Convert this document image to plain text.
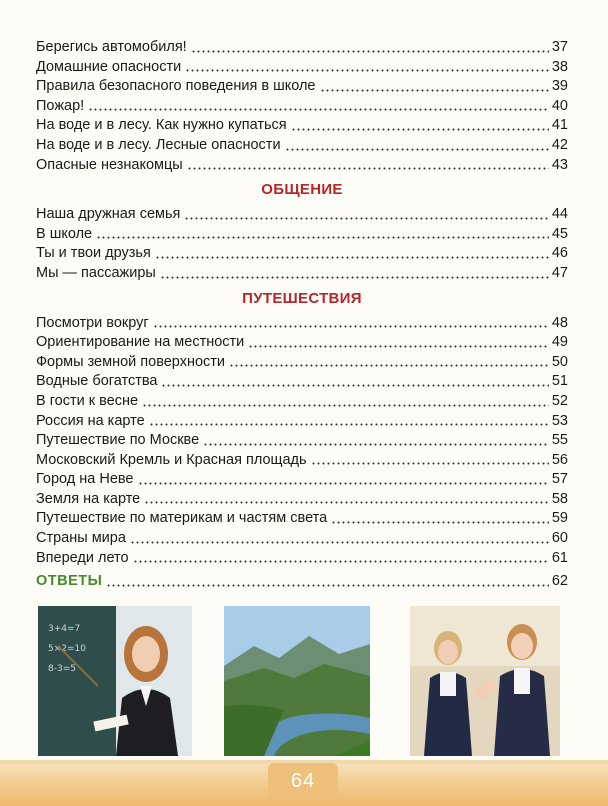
Берегись автомобиля!	37
Домашние опасности	38
Правила безопасного поведения в школе	39
Пожар!	40
На воде и в лесу. Как нужно купаться	41
На воде и в лесу. Лесные опасности	42
Опасные незнакомцы	43
ОБЩЕНИЕ
Наша дружная семья	44
В школе	45
Ты и твои друзья	46
Мы — пассажиры	47
ПУТЕШЕСТВИЯ
Посмотри вокруг	48
Ориентирование на местности	49
Формы земной поверхности	50
Водные богатства	51
В гости к весне	52
Россия на карте	53
Путешествие по Москве	55
Московский Кремль и Красная площадь	56
Город на Неве	57
Земля на карте	58
Путешествие по материкам и частям света	59
Страны мира	60
Впереди лето	61
ОТВЕТЫ	62
3+4=7
5×2=10
8-3=5
64
